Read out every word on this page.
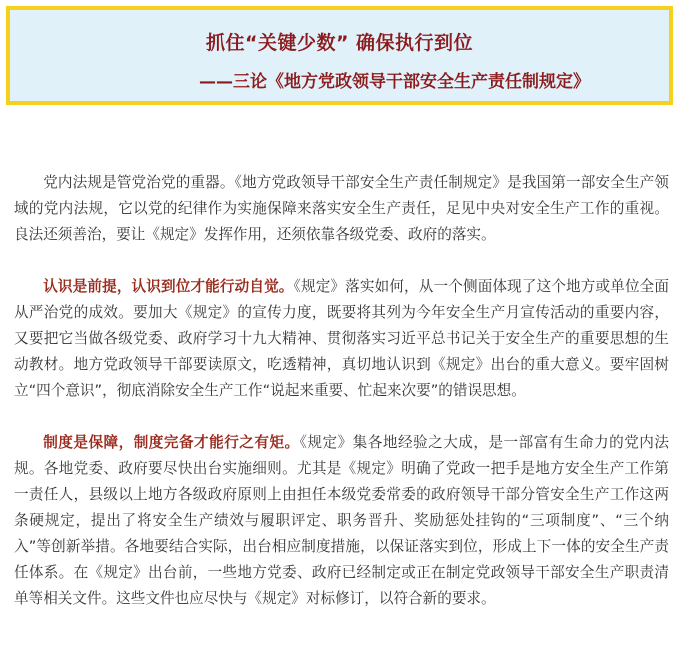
抓住“关键少数” 确保执行到位
——三论《地方党政领导干部安全生产责任制规定》

党内法规是管党治党的重器。《地方党政领导干部安全生产责任制规定》是我国第一部安全生产领域的党内法规，它以党的纪律作为实施保障来落实安全生产责任，足见中央对安全生产工作的重视。良法还须善治，要让《规定》发挥作用，还须依靠各级党委、政府的落实。

认识是前提，认识到位才能行动自觉。《规定》落实如何，从一个侧面体现了这个地方或单位全面从严治党的成效。要加大《规定》的宣传力度，既要将其列为今年安全生产月宣传活动的重要内容，又要把它当做各级党委、政府学习十九大精神、贯彻落实习近平总书记关于安全生产的重要思想的生动教材。地方党政领导干部要读原文，吃透精神，真切地认识到《规定》出台的重大意义。要牢固树立“四个意识”，彻底消除安全生产工作“说起来重要、忙起来次要”的错误思想。

制度是保障，制度完备才能行之有矩。《规定》集各地经验之大成，是一部富有生命力的党内法规。各地党委、政府要尽快出台实施细则。尤其是《规定》明确了党政一把手是地方安全生产工作第一责任人，县级以上地方各级政府原则上由担任本级党委常委的政府领导干部分管安全生产工作这两条硬规定，提出了将安全生产绩效与履职评定、职务晋升、奖励惩处挂钩的“三项制度”、“三个纳入”等创新举措。各地要结合实际，出台相应制度措施，以保证落实到位，形成上下一体的安全生产责任体系。在《规定》出台前，一些地方党委、政府已经制定或正在制定党政领导干部安全生产职责清单等相关文件。这些文件也应尽快与《规定》对标修订，以符合新的要求。
